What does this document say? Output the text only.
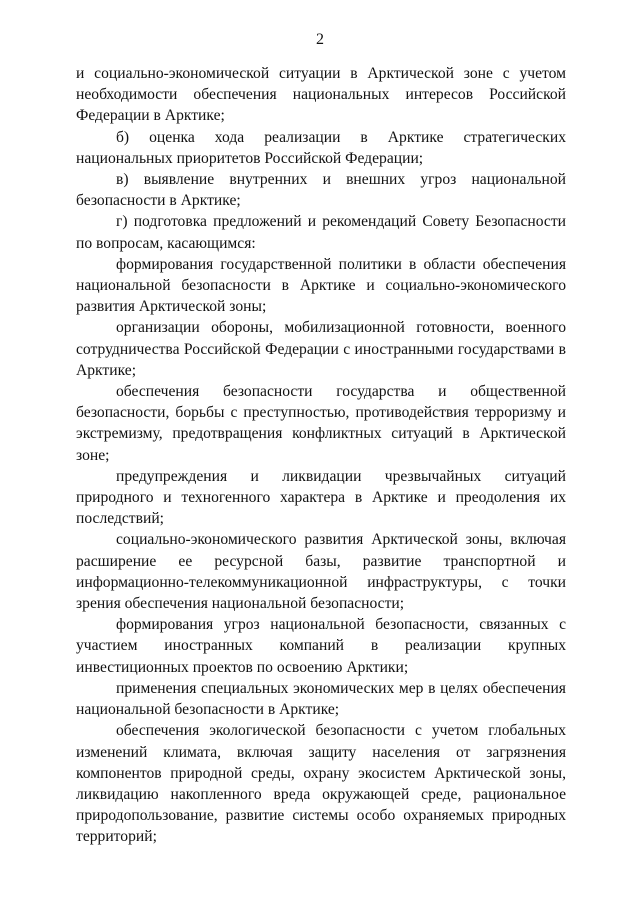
2

и социально-экономической ситуации в Арктической зоне с учетом необходимости обеспечения национальных интересов Российской Федерации в Арктике;

б) оценка хода реализации в Арктике стратегических национальных приоритетов Российской Федерации;

в) выявление внутренних и внешних угроз национальной безопасности в Арктике;

г) подготовка предложений и рекомендаций Совету Безопасности по вопросам, касающимся:

формирования государственной политики в области обеспечения национальной безопасности в Арктике и социально-экономического развития Арктической зоны;

организации обороны, мобилизационной готовности, военного сотрудничества Российской Федерации с иностранными государствами в Арктике;

обеспечения безопасности государства и общественной безопасности, борьбы с преступностью, противодействия терроризму и экстремизму, предотвращения конфликтных ситуаций в Арктической зоне;

предупреждения и ликвидации чрезвычайных ситуаций природного и техногенного характера в Арктике и преодоления их последствий;

социально-экономического развития Арктической зоны, включая расширение ее ресурсной базы, развитие транспортной и информационно-телекоммуникационной инфраструктуры, с точки зрения обеспечения национальной безопасности;

формирования угроз национальной безопасности, связанных с участием иностранных компаний в реализации крупных инвестиционных проектов по освоению Арктики;

применения специальных экономических мер в целях обеспечения национальной безопасности в Арктике;

обеспечения экологической безопасности с учетом глобальных изменений климата, включая защиту населения от загрязнения компонентов природной среды, охрану экосистем Арктической зоны, ликвидацию накопленного вреда окружающей среде, рациональное природопользование, развитие системы особо охраняемых природных территорий;
